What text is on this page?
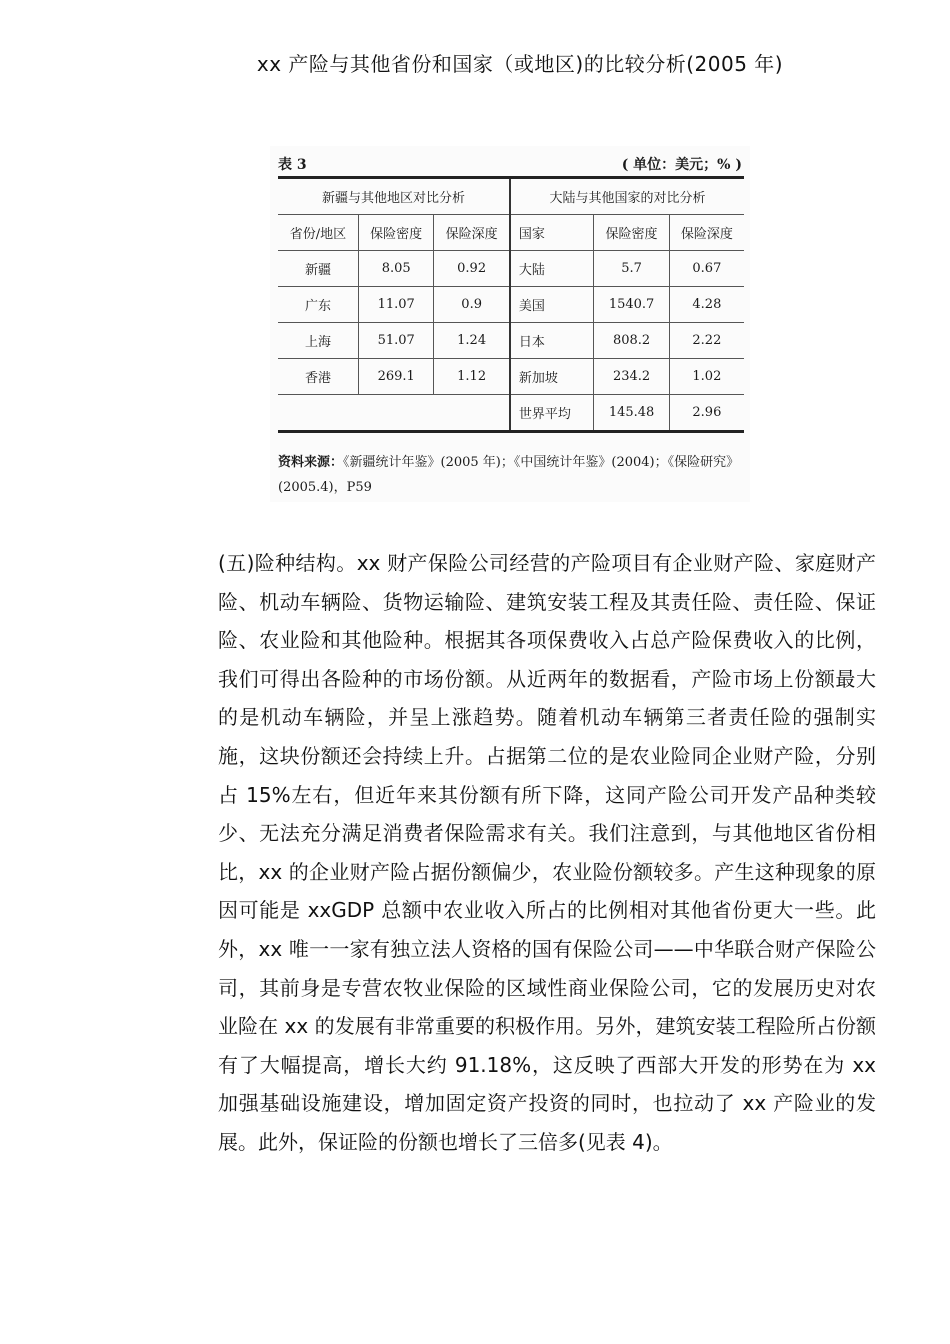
xx 产险与其他省份和国家（或地区)的比较分析(2005 年)
表 3	( 单位：美元；% )
新疆与其他地区对比分析			大陆与其他国家的对比分析		
省份/地区	保险密度	保险深度	国家	保险密度	保险深度
新疆	8.05	0.92	大陆	5.7	0.67
广东	11.07	0.9	美国	1540.7	4.28
上海	51.07	1.24	日本	808.2	2.22
香港	269.1	1.12	新加坡	234.2	1.02
			世界平均	145.48	2.96
资料来源：《新疆统计年鉴》(2005 年)；《中国统计年鉴》(2004)；《保险研究》(2005.4)，P59

(五)险种结构。xx 财产保险公司经营的产险项目有企业财产险、家庭财产险、机动车辆险、货物运输险、建筑安装工程及其责任险、责任险、保证险、农业险和其他险种。根据其各项保费收入占总产险保费收入的比例，我们可得出各险种的市场份额。从近两年的数据看，产险市场上份额最大的是机动车辆险，并呈上涨趋势。随着机动车辆第三者责任险的强制实施，这块份额还会持续上升。占据第二位的是农业险同企业财产险，分别占 15%左右，但近年来其份额有所下降，这同产险公司开发产品种类较少、无法充分满足消费者保险需求有关。我们注意到，与其他地区省份相比，xx 的企业财产险占据份额偏少，农业险份额较多。产生这种现象的原因可能是 xxGDP 总额中农业收入所占的比例相对其他省份更大一些。此外，xx 唯一一家有独立法人资格的国有保险公司——中华联合财产保险公司，其前身是专营农牧业保险的区域性商业保险公司，它的发展历史对农业险在 xx 的发展有非常重要的积极作用。另外，建筑安装工程险所占份额有了大幅提高，增长大约 91.18%，这反映了西部大开发的形势在为 xx 加强基础设施建设，增加固定资产投资的同时，也拉动了 xx 产险业的发展。此外，保证险的份额也增长了三倍多(见表 4)。
